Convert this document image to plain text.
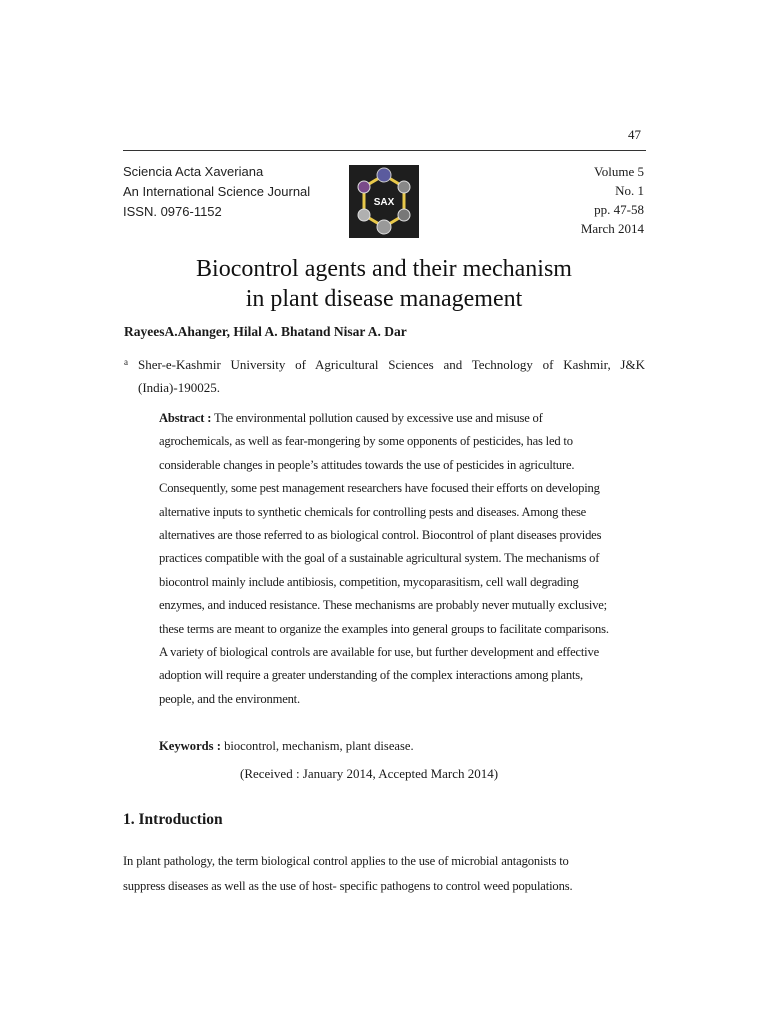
47
Sciencia Acta Xaveriana
An International Science Journal
ISSN. 0976-1152
SAX
Volume 5
No. 1
pp. 47-58
March 2014
Biocontrol agents and their mechanism
in plant disease management
RayeesA.Ahanger, Hilal A. Bhatand Nisar A. Dar
a Sher-e-Kashmir University of Agricultural Sciences and Technology of Kashmir, J&K (India)-190025.
Abstract : The environmental pollution caused by excessive use and misuse of agrochemicals, as well as fear-mongering by some opponents of pesticides, has led to considerable changes in people’s attitudes towards the use of pesticides in agriculture. Consequently, some pest management researchers have focused their efforts on developing alternative inputs to synthetic chemicals for controlling pests and diseases. Among these alternatives are those referred to as biological control. Biocontrol of plant diseases provides practices compatible with the goal of a sustainable agricultural system. The mechanisms of biocontrol mainly include antibiosis, competition, mycoparasitism, cell wall degrading enzymes, and induced resistance. These mechanisms are probably never mutually exclusive; these terms are meant to organize the examples into general groups to facilitate comparisons. A variety of biological controls are available for use, but further development and effective adoption will require a greater understanding of the complex interactions among plants, people, and the environment.
Keywords : biocontrol, mechanism, plant disease.
(Received : January 2014, Accepted March 2014)
1. Introduction
In plant pathology, the term biological control applies to the use of microbial antagonists to
suppress diseases as well as the use of host- specific pathogens to control weed populations.
